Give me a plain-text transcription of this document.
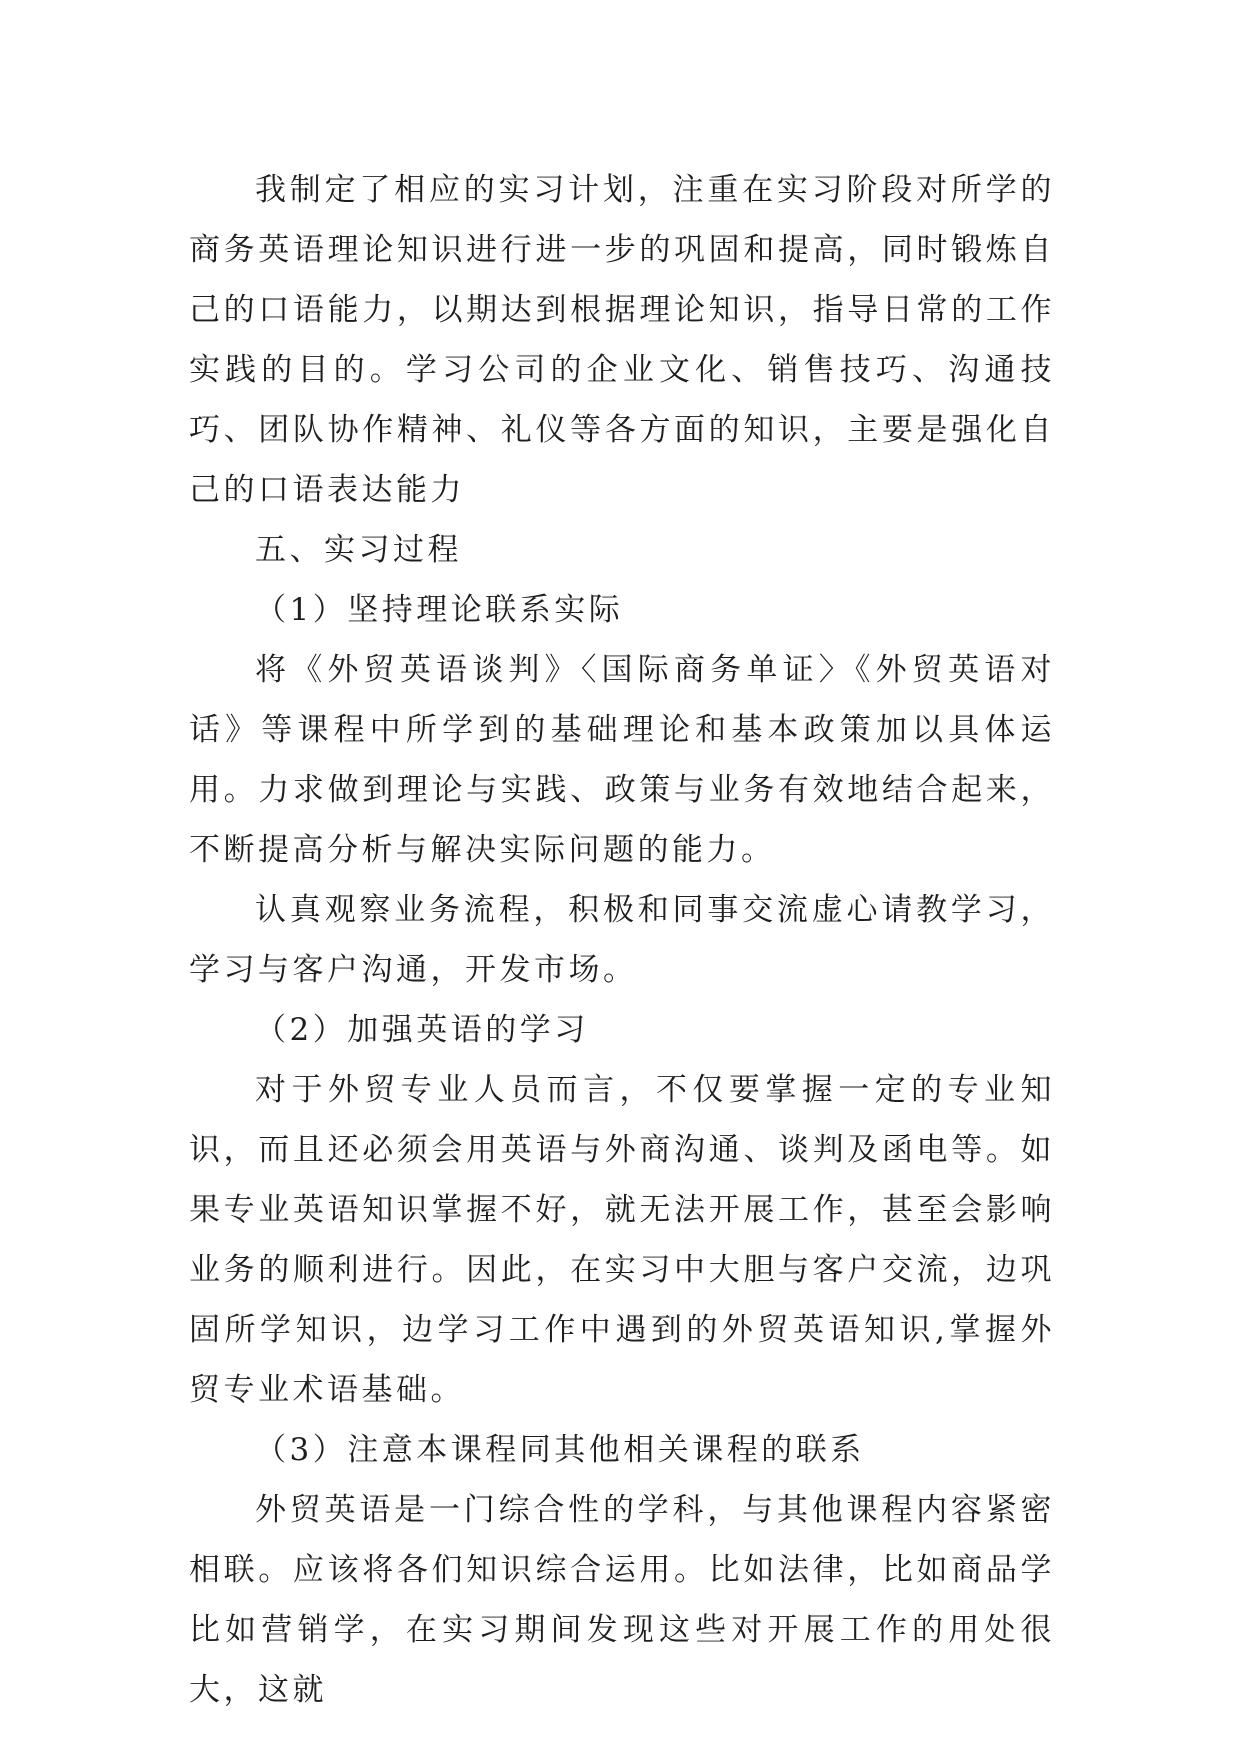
我制定了相应的实习计划，注重在实习阶段对所学的商务英语理论知识进行进一步的巩固和提高，同时锻炼自己的口语能力，以期达到根据理论知识，指导日常的工作实践的目的。学习公司的企业文化、销售技巧、沟通技巧、团队协作精神、礼仪等各方面的知识，主要是强化自己的口语表达能力

五、实习过程

（1）坚持理论联系实际

将《外贸英语谈判》〈国际商务单证〉《外贸英语对话》等课程中所学到的基础理论和基本政策加以具体运用。力求做到理论与实践、政策与业务有效地结合起来，不断提高分析与解决实际问题的能力。

认真观察业务流程，积极和同事交流虚心请教学习，学习与客户沟通，开发市场。

（2）加强英语的学习

对于外贸专业人员而言，不仅要掌握一定的专业知识，而且还必须会用英语与外商沟通、谈判及函电等。如果专业英语知识掌握不好，就无法开展工作，甚至会影响业务的顺利进行。因此，在实习中大胆与客户交流，边巩固所学知识，边学习工作中遇到的外贸英语知识,掌握外贸专业术语基础。

（3）注意本课程同其他相关课程的联系

外贸英语是一门综合性的学科，与其他课程内容紧密相联。应该将各们知识综合运用。比如法律，比如商品学比如营销学，在实习期间发现这些对开展工作的用处很大，这就
